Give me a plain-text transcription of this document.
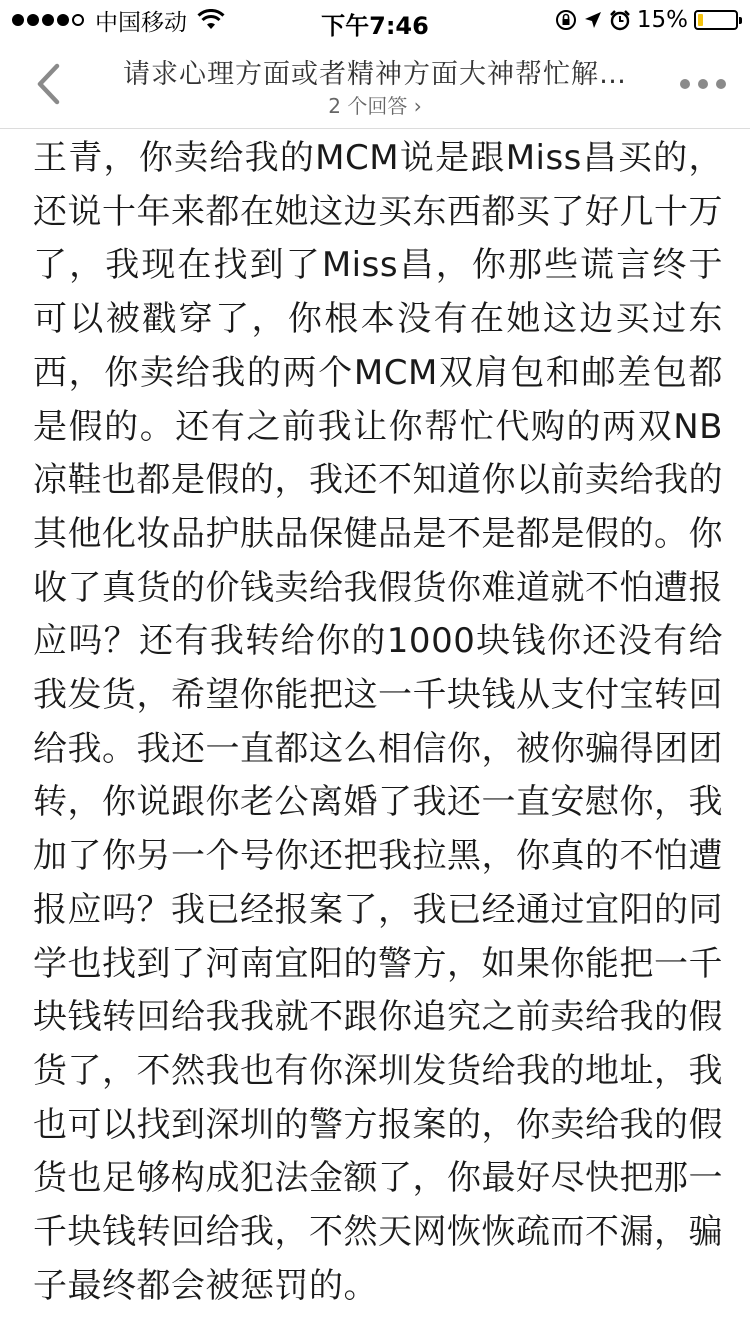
中国移动	下午7:46	15%
请求心理方面或者精神方面大神帮忙解…
2 个回答 ›
王青，你卖给我的MCM说是跟Miss昌买的，还说十年来都在她这边买东西都买了好几十万了，我现在找到了Miss昌，你那些谎言终于可以被戳穿了，你根本没有在她这边买过东西，你卖给我的两个MCM双肩包和邮差包都是假的。还有之前我让你帮忙代购的两双NB凉鞋也都是假的，我还不知道你以前卖给我的其他化妆品护肤品保健品是不是都是假的。你收了真货的价钱卖给我假货你难道就不怕遭报应吗？还有我转给你的1000块钱你还没有给我发货，希望你能把这一千块钱从支付宝转回给我。我还一直都这么相信你，被你骗得团团转，你说跟你老公离婚了我还一直安慰你，我加了你另一个号你还把我拉黑，你真的不怕遭报应吗？我已经报案了，我已经通过宜阳的同学也找到了河南宜阳的警方，如果你能把一千块钱转回给我我就不跟你追究之前卖给我的假货了，不然我也有你深圳发货给我的地址，我也可以找到深圳的警方报案的，你卖给我的假货也足够构成犯法金额了，你最好尽快把那一千块钱转回给我，不然天网恢恢疏而不漏，骗子最终都会被惩罚的。
